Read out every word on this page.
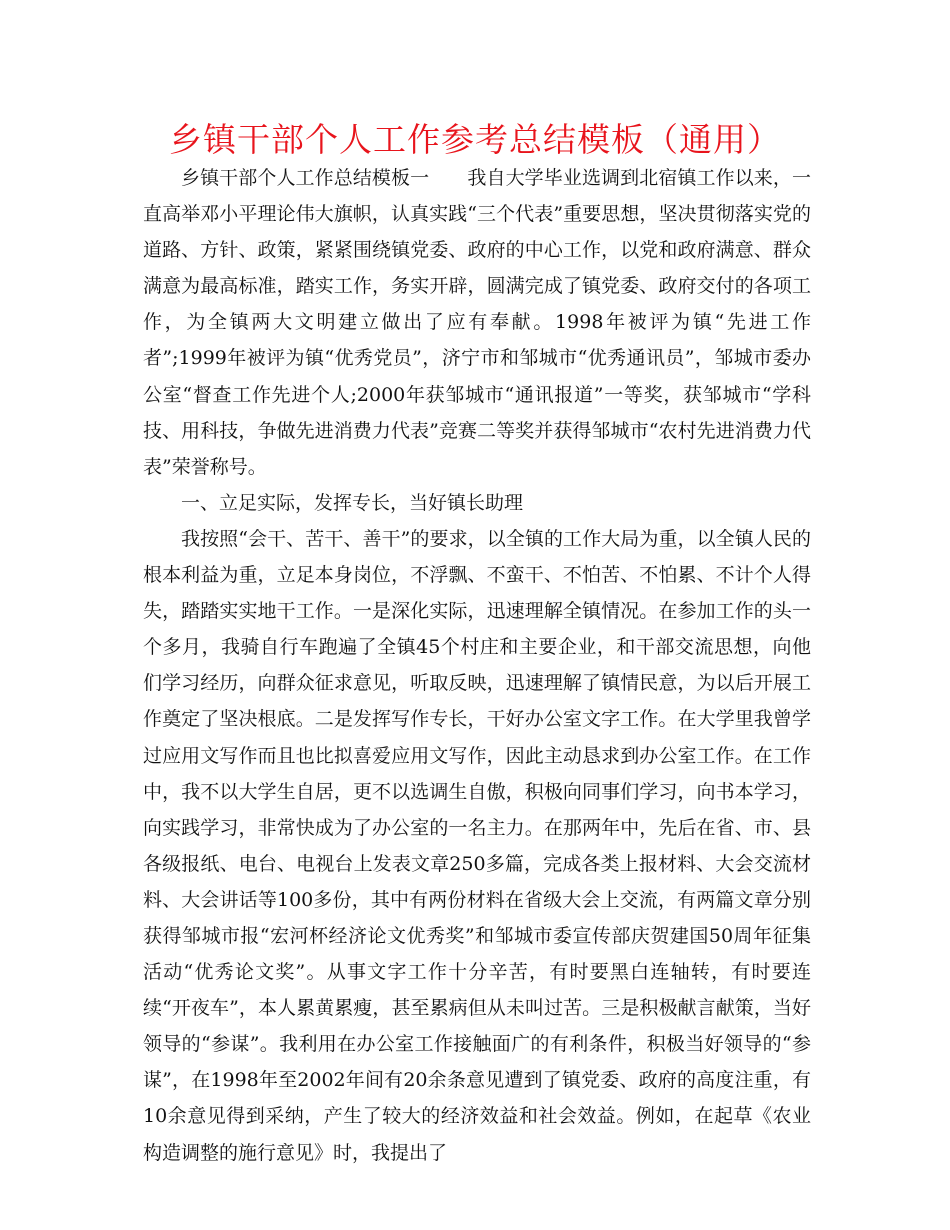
乡镇干部个人工作参考总结模板（通用）

乡镇干部个人工作总结模板一　　我自大学毕业选调到北宿镇工作以来，一直高举邓小平理论伟大旗帜，认真实践“三个代表”重要思想，坚决贯彻落实党的道路、方针、政策，紧紧围绕镇党委、政府的中心工作，以党和政府满意、群众满意为最高标准，踏实工作，务实开辟，圆满完成了镇党委、政府交付的各项工作，为全镇两大文明建立做出了应有奉献。1998年被评为镇“先进工作者”;1999年被评为镇“优秀党员”，济宁市和邹城市“优秀通讯员”，邹城市委办公室“督查工作先进个人;2000年获邹城市“通讯报道”一等奖，获邹城市“学科技、用科技，争做先进消费力代表”竞赛二等奖并获得邹城市“农村先进消费力代表”荣誉称号。

一、立足实际，发挥专长，当好镇长助理

我按照“会干、苦干、善干”的要求，以全镇的工作大局为重，以全镇人民的根本利益为重，立足本身岗位，不浮飘、不蛮干、不怕苦、不怕累、不计个人得失，踏踏实实地干工作。一是深化实际，迅速理解全镇情况。在参加工作的头一个多月，我骑自行车跑遍了全镇45个村庄和主要企业，和干部交流思想，向他们学习经历，向群众征求意见，听取反映，迅速理解了镇情民意，为以后开展工作奠定了坚决根底。二是发挥写作专长，干好办公室文字工作。在大学里我曾学过应用文写作而且也比拟喜爱应用文写作，因此主动恳求到办公室工作。在工作中，我不以大学生自居，更不以选调生自傲，积极向同事们学习，向书本学习，向实践学习，非常快成为了办公室的一名主力。在那两年中，先后在省、市、县各级报纸、电台、电视台上发表文章250多篇，完成各类上报材料、大会交流材料、大会讲话等100多份，其中有两份材料在省级大会上交流，有两篇文章分别获得邹城市报“宏河杯经济论文优秀奖”和邹城市委宣传部庆贺建国50周年征集活动“优秀论文奖”。从事文字工作十分辛苦，有时要黑白连轴转，有时要连续“开夜车”，本人累黄累瘦，甚至累病但从未叫过苦。三是积极献言献策，当好领导的“参谋”。我利用在办公室工作接触面广的有利条件，积极当好领导的“参谋”，在1998年至2002年间有20余条意见遭到了镇党委、政府的高度注重，有10余意见得到采纳，产生了较大的经济效益和社会效益。例如，在起草《农业构造调整的施行意见》时，我提出了
